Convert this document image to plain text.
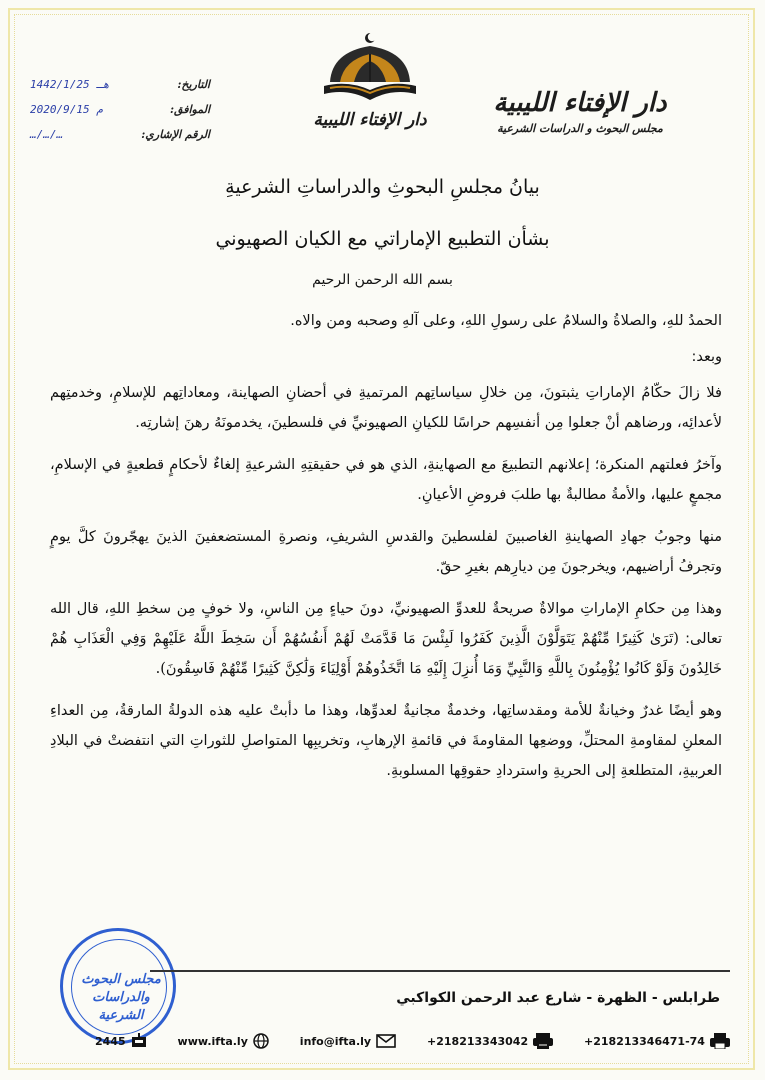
دار الإفتاء الليبية
مجلس البحوث و الدراسات الشرعية
دار الإفتاء الليبية
التاريخ:
1442/1/25 هـ
الموافق:
2020/9/15 م
الرقم الإشاري:
…/…/…
بيانُ مجلسِ البحوثِ والدراساتِ الشرعيةِ
بشأن التطبيع الإماراتي مع الكيان الصهيوني
بسم الله الرحمن الرحيم

الحمدُ للهِ، والصلاةُ والسلامُ على رسولِ اللهِ، وعلى آلهِ وصحبه ومن والاه.

وبعد:

فلا زالَ حكّامُ الإماراتِ يثبتونَ، مِن خلالِ سياساتِهم المرتميةِ في أحضانِ الصهاينة، ومعاداتِهم للإسلامِ، وخدمتِهم لأعدائِه، ورضاهم أنْ جعلوا مِن أنفسِهم حراسًا للكيانِ الصهيونيِّ في فلسطينَ، يخدمونَهُ رهنَ إشارتِه.

وآخرُ فعلتهم المنكرة؛ إعلانهم التطبيعَ مع الصهاينةِ، الذي هو في حقيقتِهِ الشرعيةِ إلغاءٌ لأحكامٍ قطعيةٍ في الإسلامِ، مجمعٍ عليها، والأمةُ مطالبةٌ بها طلبَ فروضِ الأعيانِ.

منها وجوبُ جهادِ الصهاينةِ الغاصبينَ لفلسطينَ والقدسِ الشريفِ، ونصرةِ المستضعفينَ الذينَ يهجّرونَ كلَّ يومٍ وتجرفُ أراضيهم، ويخرجونَ مِن ديارِهم بغيرِ حقّ.

وهذا مِن حكامِ الإماراتِ موالاةٌ صريحةٌ للعدوِّ الصهيونيِّ، دونَ حياءٍ مِن الناسِ، ولا خوفٍ مِن سخطِ اللهِ، قال الله تعالى: (تَرَىٰ كَثِيرًا مِّنْهُمْ يَتَوَلَّوْنَ الَّذِينَ كَفَرُوا لَبِئْسَ مَا قَدَّمَتْ لَهُمْ أَنفُسُهُمْ أَن سَخِطَ اللَّهُ عَلَيْهِمْ وَفِي الْعَذَابِ هُمْ خَالِدُونَ وَلَوْ كَانُوا يُؤْمِنُونَ بِاللَّهِ وَالنَّبِيِّ وَمَا أُنزِلَ إِلَيْهِ مَا اتَّخَذُوهُمْ أَوْلِيَاءَ وَلَٰكِنَّ كَثِيرًا مِّنْهُمْ فَاسِقُونَ).

وهو أيضًا غدرٌ وخيانةٌ للأمة ومقدساتِها، وخدمةٌ مجانيةٌ لعدوِّها، وهذا ما دأبتْ عليه هذه الدولةُ المارقةُ، مِن العداءِ المعلنِ لمقاومةِ المحتلِّ، ووضعِها المقاومةَ في قائمةِ الإرهابِ، وتخريبِها المتواصلِ للثوراتِ التي انتفضتْ في البلادِ العربيةِ، المتطلعةِ إلى الحريةِ واستردادِ حقوقِها المسلوبةِ.

مجلس البحوث والدراسات
الشرعية
طرابلس - الظهرة - شارع عبد الرحمن الكواكبي
+218213346471-74
+218213343042
info@ifta.ly
www.ifta.ly
2445
